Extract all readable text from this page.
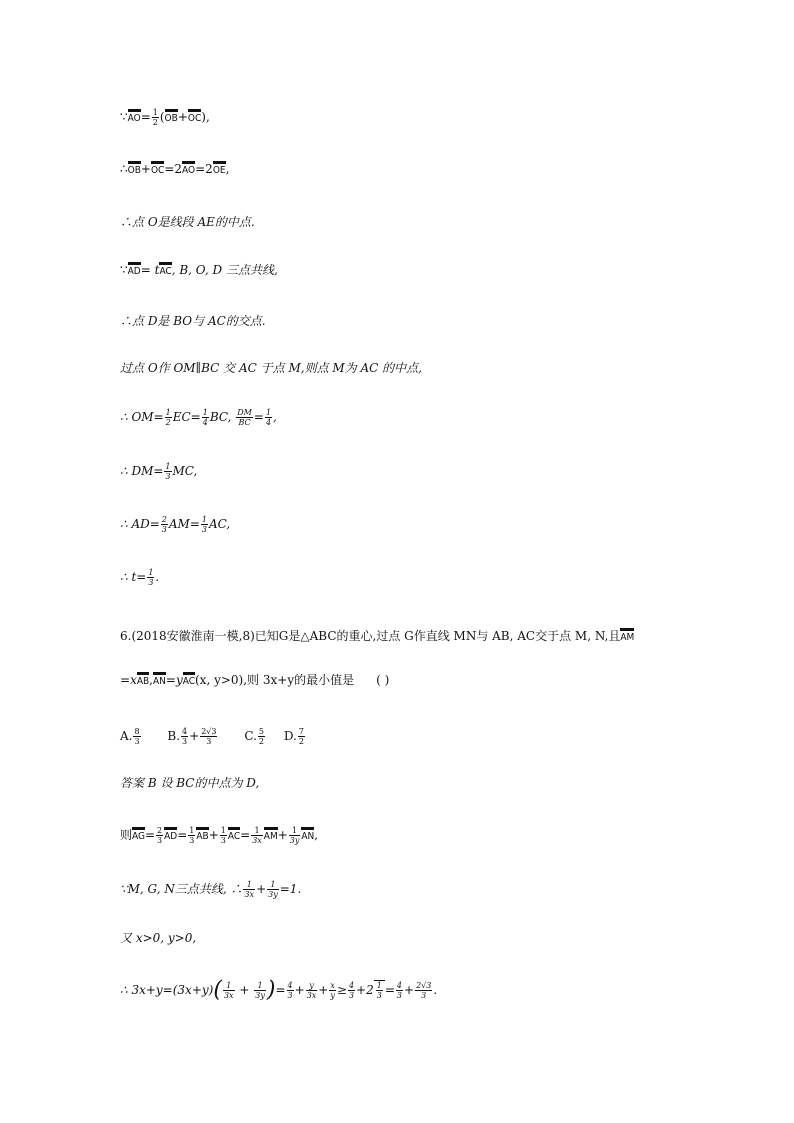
∵AO= $\frac{1}{2} (OB+OC)$,
∴OB+OC=2AO=2OE,
∴点 O是线段 AE的中点.
∵AD= tAC, B, O, D 三点共线,
∴点 D是 BO与 AC的交点.
过点 O作 OM∥BC 交 AC 于点 M,则点 M为 AC 的中点,
∴ $OM= \frac{1}{2} EC= \frac{1}{4}$ BC, $\frac{DM}{BC} = \frac{1}{4}$ ,
∴ $DM= \frac{1}{3}$ MC,
∴ $AD= \frac{2}{3} AM= \frac{1}{3}$ AC,
∴ $t= \frac{1}{3}$ .
6.(2018安徽淮南一模,8)已知G是△ABC的重心,过点 G作直线 MN与 AB, AC交于点 M, N,且AM
=xAB,AN=yAC(x, y>0),则 3x+y的最小值是 ( )
A. $\frac{8}{3} B$. $\frac{4}{3} + \frac{2√3}{3} C$. $\frac{5}{2} D$. $\frac{7}{2}$
答案 B 设 BC的中点为 D,
则$AG= \frac{2}{3} AD= \frac{1}{3} AB+ \frac{1}{3} AC= \frac{1}{3x} AM+ \frac{1}{3y}$ AN,
∵M, G, N三点共线, ∴ $\frac{1}{3x} + \frac{1}{3y} =1$.
又 x>0, y>0,
∴ $3x+y=(3x+y)( \frac{1}{3x} + \frac{1}{3y}$ )= $\frac{4}{3} + \frac{y}{3x} + \frac{x}{y} \ge \frac{4}{3} +2 \frac{1}{3} = \frac{4}{3} + \frac{2√3}{3}$ .
